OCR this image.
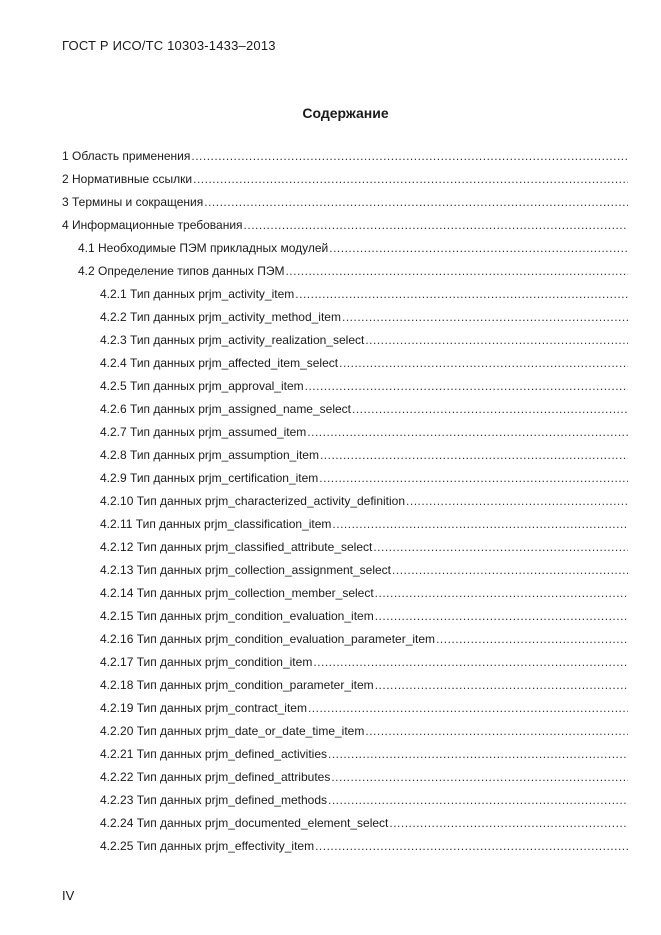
ГОСТ Р ИСО/ТС 10303-1433–2013
Содержание
1 Область применения
.....
2 Нормативные ссылки
.....
3 Термины и сокращения
.....
4 Информационные требования
.....
4.1 Необходимые ПЭМ прикладных модулей
.....
4.2 Определение типов данных ПЭМ
.....
4.2.1 Тип данных prjm_activity_item
.....
4.2.2 Тип данных prjm_activity_method_item
.....
4.2.3 Тип данных prjm_activity_realization_select
.....
4.2.4 Тип данных prjm_affected_item_select
.....
4.2.5 Тип данных prjm_approval_item
.....
4.2.6 Тип данных prjm_assigned_name_select
.....
4.2.7 Тип данных prjm_assumed_item
.....
4.2.8 Тип данных prjm_assumption_item
.....
4.2.9 Тип данных prjm_certification_item
.....
4.2.10 Тип данных prjm_characterized_activity_definition
.....
4.2.11 Тип данных prjm_classification_item
.....
4.2.12 Тип данных prjm_classified_attribute_select
.....
4.2.13 Тип данных prjm_collection_assignment_select
.....
4.2.14 Тип данных prjm_collection_member_select
.....
4.2.15 Тип данных prjm_condition_evaluation_item
.....
4.2.16 Тип данных prjm_condition_evaluation_parameter_item
.....
4.2.17 Тип данных prjm_condition_item
.....
4.2.18 Тип данных prjm_condition_parameter_item
.....
4.2.19 Тип данных prjm_contract_item
.....
4.2.20 Тип данных prjm_date_or_date_time_item
.....
4.2.21 Тип данных prjm_defined_activities
.....
4.2.22 Тип данных prjm_defined_attributes
.....
4.2.23 Тип данных prjm_defined_methods
.....
4.2.24 Тип данных prjm_documented_element_select
.....
4.2.25 Тип данных prjm_effectivity_item
.....
IV
